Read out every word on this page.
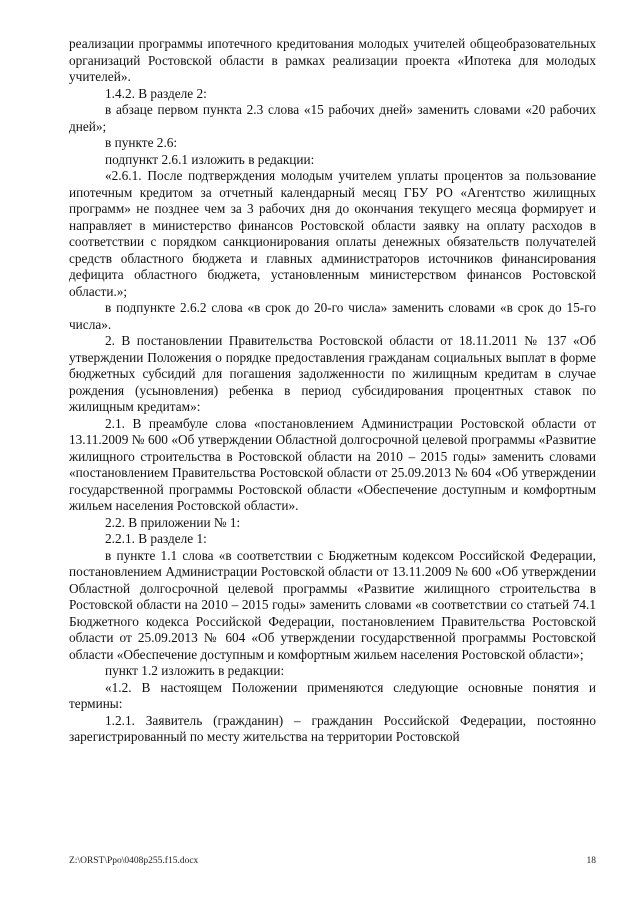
реализации программы ипотечного кредитования молодых учителей общеобразовательных организаций Ростовской области в рамках реализации проекта «Ипотека для молодых учителей».

1.4.2. В разделе 2:

в абзаце первом пункта 2.3 слова «15 рабочих дней» заменить словами «20 рабочих дней»;

в пункте 2.6:

подпункт 2.6.1 изложить в редакции:

«2.6.1. После подтверждения молодым учителем уплаты процентов за пользование ипотечным кредитом за отчетный календарный месяц ГБУ РО «Агентство жилищных программ» не позднее чем за 3 рабочих дня до окончания текущего месяца формирует и направляет в министерство финансов Ростовской области заявку на оплату расходов в соответствии с порядком санкционирования оплаты денежных обязательств получателей средств областного бюджета и главных администраторов источников финансирования дефицита областного бюджета, установленным министерством финансов Ростовской области.»;

в подпункте 2.6.2 слова «в срок до 20-го числа» заменить словами «в срок до 15-го числа».

2. В постановлении Правительства Ростовской области от 18.11.2011 № 137 «Об утверждении Положения о порядке предоставления гражданам социальных выплат в форме бюджетных субсидий для погашения задолженности по жилищным кредитам в случае рождения (усыновления) ребенка в период субсидирования процентных ставок по жилищным кредитам»:

2.1. В преамбуле слова «постановлением Администрации Ростовской области от 13.11.2009 № 600 «Об утверждении Областной долгосрочной целевой программы «Развитие жилищного строительства в Ростовской области на 2010 – 2015 годы» заменить словами «постановлением Правительства Ростовской области от 25.09.2013 № 604 «Об утверждении государственной программы Ростовской области «Обеспечение доступным и комфортным жильем населения Ростовской области».

2.2. В приложении № 1:

2.2.1. В разделе 1:

в пункте 1.1 слова «в соответствии с Бюджетным кодексом Российской Федерации, постановлением Администрации Ростовской области от 13.11.2009 № 600 «Об утверждении Областной долгосрочной целевой программы «Развитие жилищного строительства в Ростовской области на 2010 – 2015 годы» заменить словами «в соответствии со статьей 74.1 Бюджетного кодекса Российской Федерации, постановлением Правительства Ростовской области от 25.09.2013 № 604 «Об утверждении государственной программы Ростовской области «Обеспечение доступным и комфортным жильем населения Ростовской области»;

пункт 1.2 изложить в редакции:

«1.2. В настоящем Положении применяются следующие основные понятия и термины:

1.2.1. Заявитель (гражданин) – гражданин Российской Федерации, постоянно зарегистрированный по месту жительства на территории Ростовской

Z:\ORST\Ppo\0408p255.f15.docx	18
